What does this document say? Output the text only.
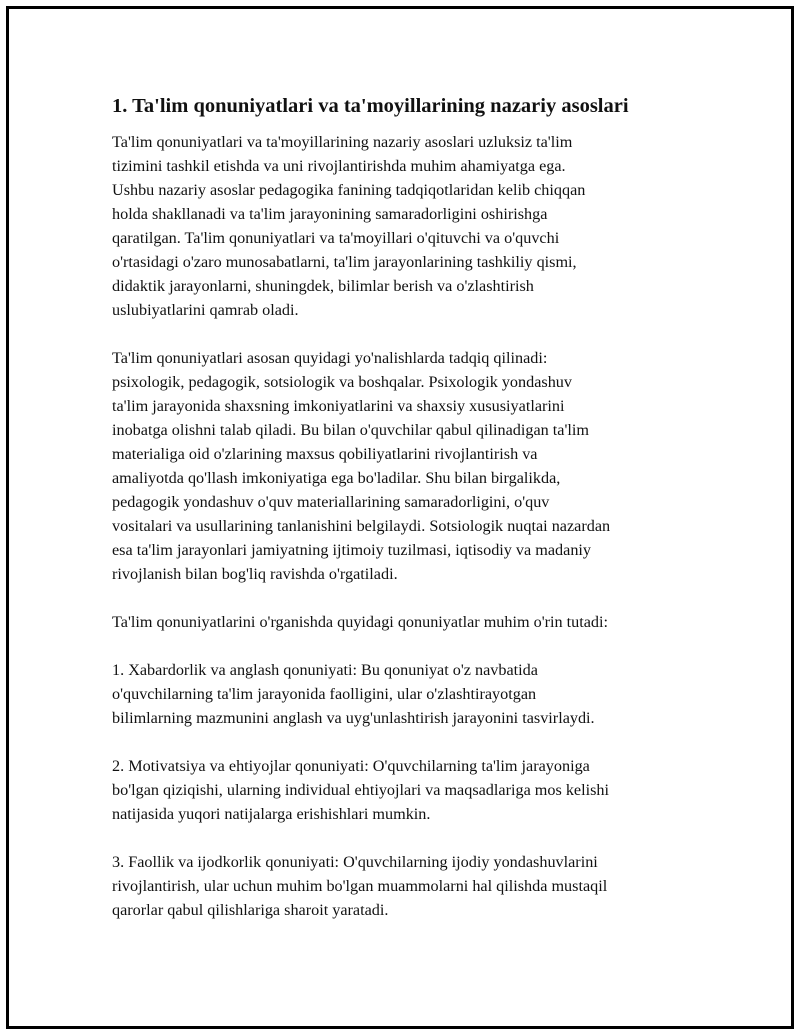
1. Ta'lim qonuniyatlari va ta'moyillarining nazariy asoslari

Ta'lim qonuniyatlari va ta'moyillarining nazariy asoslari uzluksiz ta'lim
tizimini tashkil etishda va uni rivojlantirishda muhim ahamiyatga ega.
Ushbu nazariy asoslar pedagogika fanining tadqiqotlaridan kelib chiqqan
holda shakllanadi va ta'lim jarayonining samaradorligini oshirishga
qaratilgan. Ta'lim qonuniyatlari va ta'moyillari o'qituvchi va o'quvchi
o'rtasidagi o'zaro munosabatlarni, ta'lim jarayonlarining tashkiliy qismi,
didaktik jarayonlarni, shuningdek, bilimlar berish va o'zlashtirish
uslubiyatlarini qamrab oladi.

Ta'lim qonuniyatlari asosan quyidagi yo'nalishlarda tadqiq qilinadi:
psixologik, pedagogik, sotsiologik va boshqalar. Psixologik yondashuv
ta'lim jarayonida shaxsning imkoniyatlarini va shaxsiy xususiyatlarini
inobatga olishni talab qiladi. Bu bilan o'quvchilar qabul qilinadigan ta'lim
materialiga oid o'zlarining maxsus qobiliyatlarini rivojlantirish va
amaliyotda qo'llash imkoniyatiga ega bo'ladilar. Shu bilan birgalikda,
pedagogik yondashuv o'quv materiallarining samaradorligini, o'quv
vositalari va usullarining tanlanishini belgilaydi. Sotsiologik nuqtai nazardan
esa ta'lim jarayonlari jamiyatning ijtimoiy tuzilmasi, iqtisodiy va madaniy
rivojlanish bilan bog'liq ravishda o'rgatiladi.

Ta'lim qonuniyatlarini o'rganishda quyidagi qonuniyatlar muhim o'rin tutadi:

1. Xabardorlik va anglash qonuniyati: Bu qonuniyat o'z navbatida
o'quvchilarning ta'lim jarayonida faolligini, ular o'zlashtirayotgan
bilimlarning mazmunini anglash va uyg'unlashtirish jarayonini tasvirlaydi.

2. Motivatsiya va ehtiyojlar qonuniyati: O'quvchilarning ta'lim jarayoniga
bo'lgan qiziqishi, ularning individual ehtiyojlari va maqsadlariga mos kelishi
natijasida yuqori natijalarga erishishlari mumkin.

3. Faollik va ijodkorlik qonuniyati: O'quvchilarning ijodiy yondashuvlarini
rivojlantirish, ular uchun muhim bo'lgan muammolarni hal qilishda mustaqil
qarorlar qabul qilishlariga sharoit yaratadi.
